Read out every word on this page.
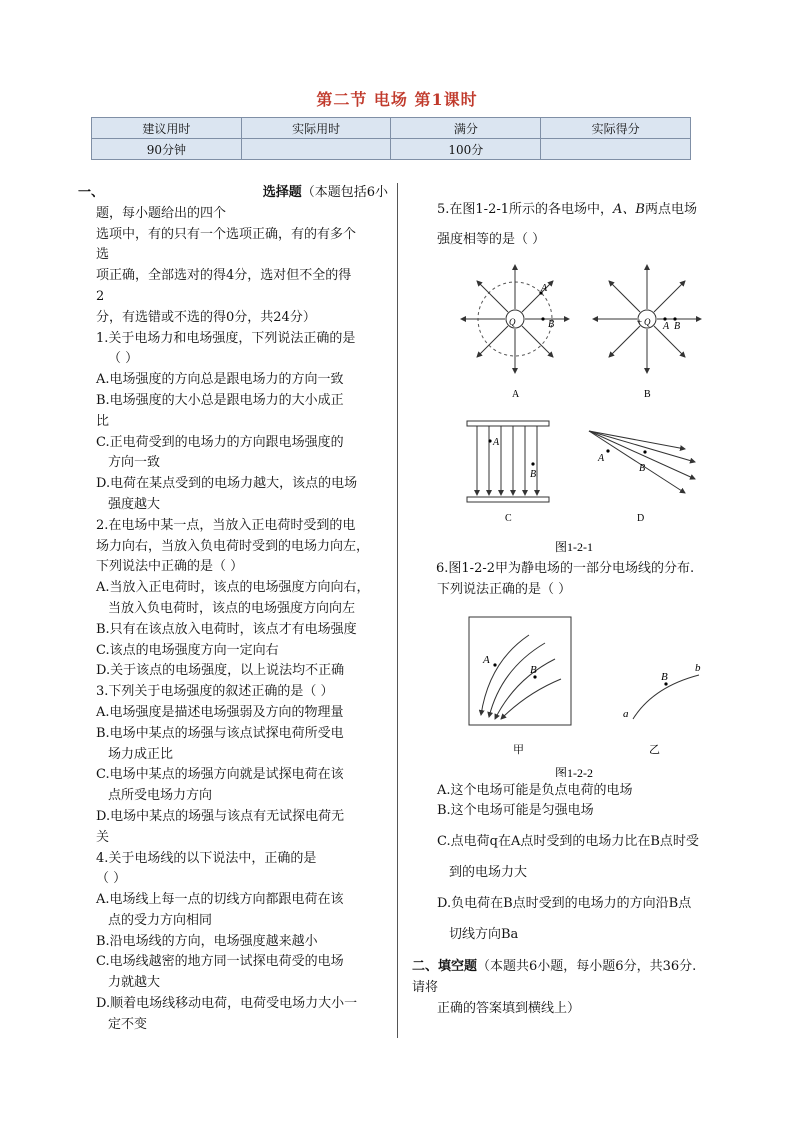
第二节 电场 第1课时
建议用时	实际用时	满分	实际得分
90分钟		100分	
一、	选择题（本题包括6小

题，每小题给出的四个

选项中，有的只有一个选项正确，有的有多个

选

项正确，全部选对的得4分，选对但不全的得

2

分，有选错或不选的得0分，共24分）

1.关于电场力和电场强度，下列说法正确的是

（ ）

A.电场强度的方向总是跟电场力的方向一致

B.电场强度的大小总是跟电场力的大小成正

比

C.正电荷受到的电场力的方向跟电场强度的

方向一致

D.电荷在某点受到的电场力越大，该点的电场

强度越大

2.在电场中某一点，当放入正电荷时受到的电

场力向右，当放入负电荷时受到的电场力向左，

下列说法中正确的是（ ）

A.当放入正电荷时，该点的电场强度方向向右，

当放入负电荷时，该点的电场强度方向向左

B.只有在该点放入电荷时，该点才有电场强度

C.该点的电场强度方向一定向右

D.关于该点的电场强度，以上说法均不正确

3.下列关于电场强度的叙述正确的是（ ）

A.电场强度是描述电场强弱及方向的物理量

B.电场中某点的场强与该点试探电荷所受电

场力成正比

C.电场中某点的场强方向就是试探电荷在该

点所受电场力方向

D.电场中某点的场强与该点有无试探电荷无

关

4.关于电场线的以下说法中，正确的是

（ ）

A.电场线上每一点的切线方向都跟电荷在该

点的受力方向相同

B.沿电场线的方向，电场强度越来越小

C.电场线越密的地方同一试探电荷受的电场

力就越大

D.顺着电场线移动电荷，电荷受电场力大小一

定不变

5.在图1-2-1所示的各电场中，A、B两点电场

强度相等的是（ ）

A
B
Q
A
A B
+ Q
B
A
B
C
A
B
D
图1-2-1

6.图1-2-2甲为静电场的一部分电场线的分布.

下列说法正确的是（ ）

A
B
甲
a
B
b
乙
图1-2-2

A.这个电场可能是负点电荷的电场

B.这个电场可能是匀强电场

C.点电荷q在A点时受到的电场力比在B点时受

到的电场力大

D.负电荷在B点时受到的电场力的方向沿B点

切线方向Ba

二、填空题（本题共6小题，每小题6分，共36分.

请将

正确的答案填到横线上）
